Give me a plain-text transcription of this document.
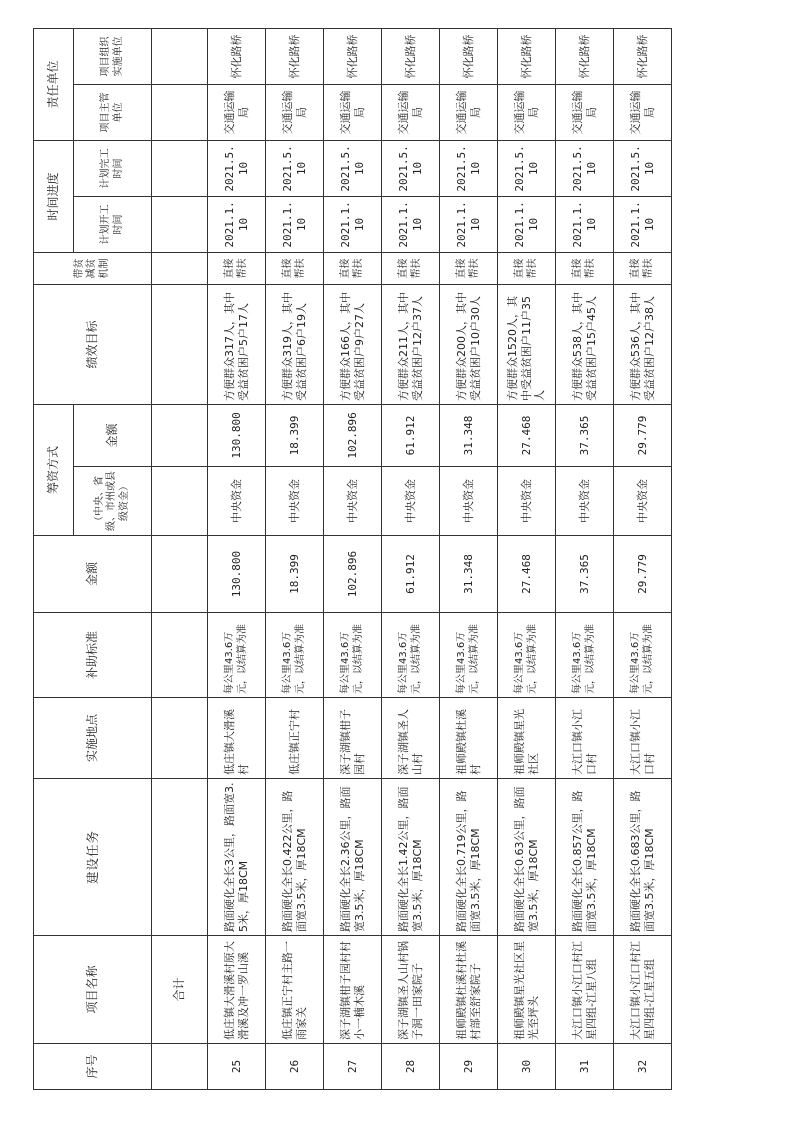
序号	项目名称	建设任务	实施地点	补助标准	金额	筹资方式		绩效目标	带贫减贫机制	时间进度		责任单位	
						（中央、省级、市州或县级资金）	金额			计划开工时间	计划完工时间	项目主管单位	项目组织实施单位
	合计												
25	低庄镇大滑溪村原大滑溪及冲一罗山溪	路面硬化全长3公里，路面宽3.5米，厚18CM	低庄镇大滑溪村	每公里43.6万元，以结算为准	130.800	中央资金	130.800	方便群众317人，其中受益贫困户5户17人	直接帮扶	2021.1.10	2021.5.10	交通运输局	怀化路桥
26	低庄镇正宁村主路一雨家关	路面硬化全长0.422公里，路面宽3.5米，厚18CM	低庄镇正宁村	每公里43.6万元，以结算为准	18.399	中央资金	18.399	方便群众319人，其中受益贫困户6户19人	直接帮扶	2021.1.10	2021.5.10	交通运输局	怀化路桥
27	深子湖镇柑子园村村小一楠木溪	路面硬化全长2.36公里，路面宽3.5米，厚18CM	深子湖镇柑子园村	每公里43.6万元，以结算为准	102.896	中央资金	102.896	方便群众166人，其中受益贫困户9户27人	直接帮扶	2021.1.10	2021.5.10	交通运输局	怀化路桥
28	深子湖镇圣人山村锅子洞一田家院子	路面硬化全长1.42公里，路面宽3.5米，厚18CM	深子湖镇圣人山村	每公里43.6万元，以结算为准	61.912	中央资金	61.912	方便群众211人，其中受益贫困户12户37人	直接帮扶	2021.1.10	2021.5.10	交通运输局	怀化路桥
29	祖师殿镇杜溪村杜溪村部至舒家院子	路面硬化全长0.719公里，路面宽3.5米，厚18CM	祖师殿镇杜溪村	每公里43.6万元，以结算为准	31.348	中央资金	31.348	方便群众200人，其中受益贫困户10户30人	直接帮扶	2021.1.10	2021.5.10	交通运输局	怀化路桥
30	祖师殿镇星光社区星光至坪头	路面硬化全长0.63公里，路面宽3.5米，厚18CM	祖师殿镇星光社区	每公里43.6万元，以结算为准	27.468	中央资金	27.468	方便群众1520人，其中受益贫困户11户35人	直接帮扶	2021.1.10	2021.5.10	交通运输局	怀化路桥
31	大江口镇小江口村江星四组-江星八组	路面硬化全长0.857公里，路面宽3.5米，厚18CM	大江口镇小江口村	每公里43.6万元，以结算为准	37.365	中央资金	37.365	方便群众538人，其中受益贫困户15户45人	直接帮扶	2021.1.10	2021.5.10	交通运输局	怀化路桥
32	大江口镇小江口村江星四组-江星五组	路面硬化全长0.683公里，路面宽3.5米，厚18CM	大江口镇小江口村	每公里43.6万元，以结算为准	29.779	中央资金	29.779	方便群众536人，其中受益贫困户12户38人	直接帮扶	2021.1.10	2021.5.10	交通运输局	怀化路桥
